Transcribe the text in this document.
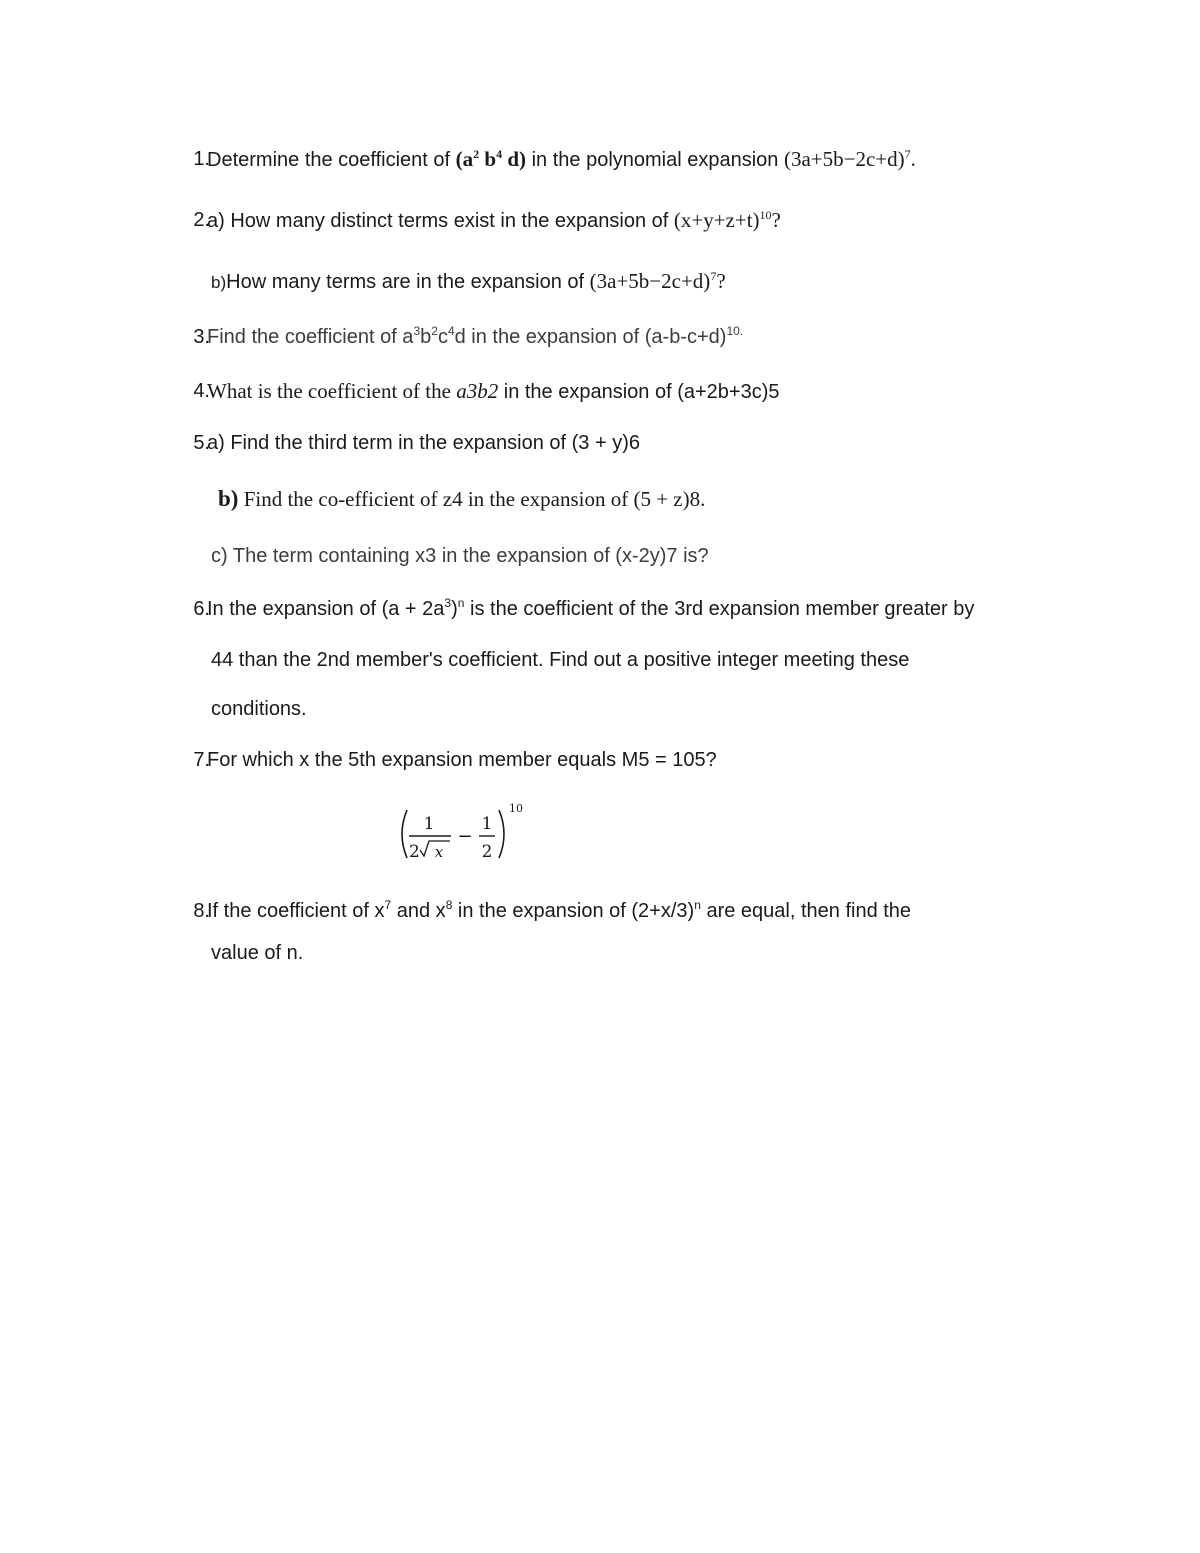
1.
Determine the coefficient of ($a^2$ $b^4$ d) in the polynomial expansion $(3a+5b-2c+d)^7$.
2.
a) How many distinct terms exist in the expansion of $(x+y+z+t)^{10}$?
b)How many terms are in the expansion of $(3a+5b-2c+d)^7$?
3.
Find the coefficient of $a^3b^2c^4d$ in the expansion of $(a-b-c+d)^{10.}$
4.
What is the coefficient of the a3b2 in the expansion of (a+2b+3c)5
5.
a) Find the third term in the expansion of (3 + y)6
b) Find the co-efficient of z4 in the expansion of (5 + z)8.
c) The term containing x3 in the expansion of (x-2y)7 is?
6.
In the expansion of $(a + 2a^3)^n$ is the coefficient of the 3rd expansion member greater by
44 than the 2nd member's coefficient. Find out a positive integer meeting these
conditions.
7.
For which x the 5th expansion member equals M5 = 105?
1
2 x
−
1
2
10
8.
If the coefficient of $x^7$ and $x^8$ in the expansion of $(2+x/3)^n$ are equal, then find the
value of n.
